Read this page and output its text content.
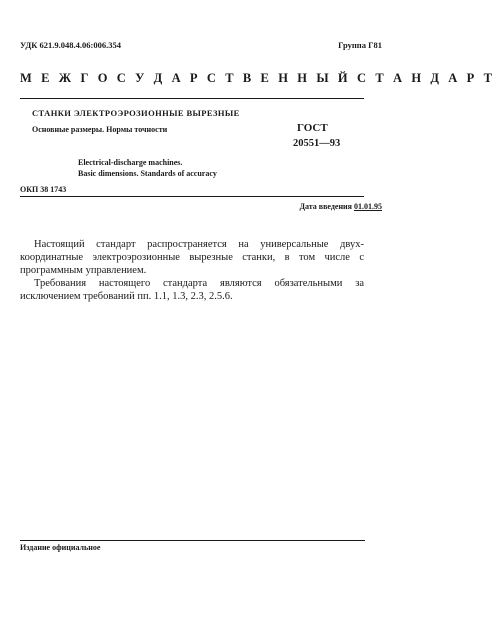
УДК 621.9.048.4.06:006.354	Группа Г81
М Е Ж Г О С У Д А Р С Т В Е Н Н Ы Й С Т А Н Д А Р Т
СТАНКИ ЭЛЕКТРОЭРОЗИОННЫЕ ВЫРЕЗНЫЕ
Основные размеры. Нормы точности	ГОСТ
20551—93
Electrical-discharge machines.
Basic dimensions. Standards of accuracy
ОКП 38 1743
Дата введения 01.01.95

Настоящий стандарт распространяется на универсальные двухкоординатные электроэрозионные вырезные станки, в том числе с программным управлением.

Требования настоящего стандарта являются обязательными за исключением требований пп. 1.1, 1.3, 2.3, 2.5.6.

Издание официальное
